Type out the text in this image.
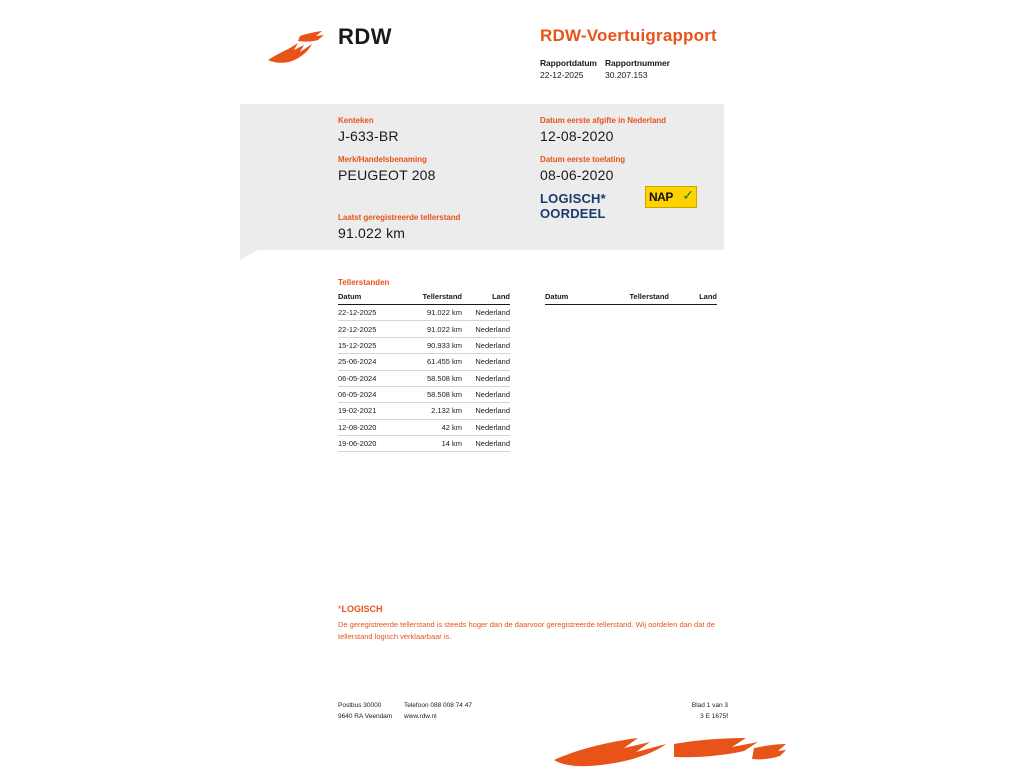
RDW	RDW-Voertuigrapport
Rapportdatum
22-12-2025
Rapportnummer
30.207.153
Kenteken
J-633-BR
Merk/Handelsbenaming
PEUGEOT 208
Laatst geregistreerde tellerstand
91.022 km
Datum eerste afgifte in Nederland
12-08-2020
Datum eerste toelating
08-06-2020
LOGISCH*
OORDEEL
NAP ✓
Tellerstanden
Datum	Tellerstand	Land
22-12-2025	91.022 km	Nederland
22-12-2025	91.022 km	Nederland
15-12-2025	90.933 km	Nederland
25-06-2024	61.455 km	Nederland
06-05-2024	58.508 km	Nederland
06-05-2024	58.508 km	Nederland
19-02-2021	2.132 km	Nederland
12-08-2020	42 km	Nederland
19-06-2020	14 km	Nederland
Datum	Tellerstand	Land
*LOGISCH
De geregistreerde tellerstand is steeds hoger dan de daarvoor geregistreerde tellerstand. Wij oordelen dan dat de tellerstand logisch verklaarbaar is.
Postbus 30000	Telefoon 088 008 74 47
9640 RA Veendam	www.rdw.nl
Blad 1 van 3
3 E 1675f
